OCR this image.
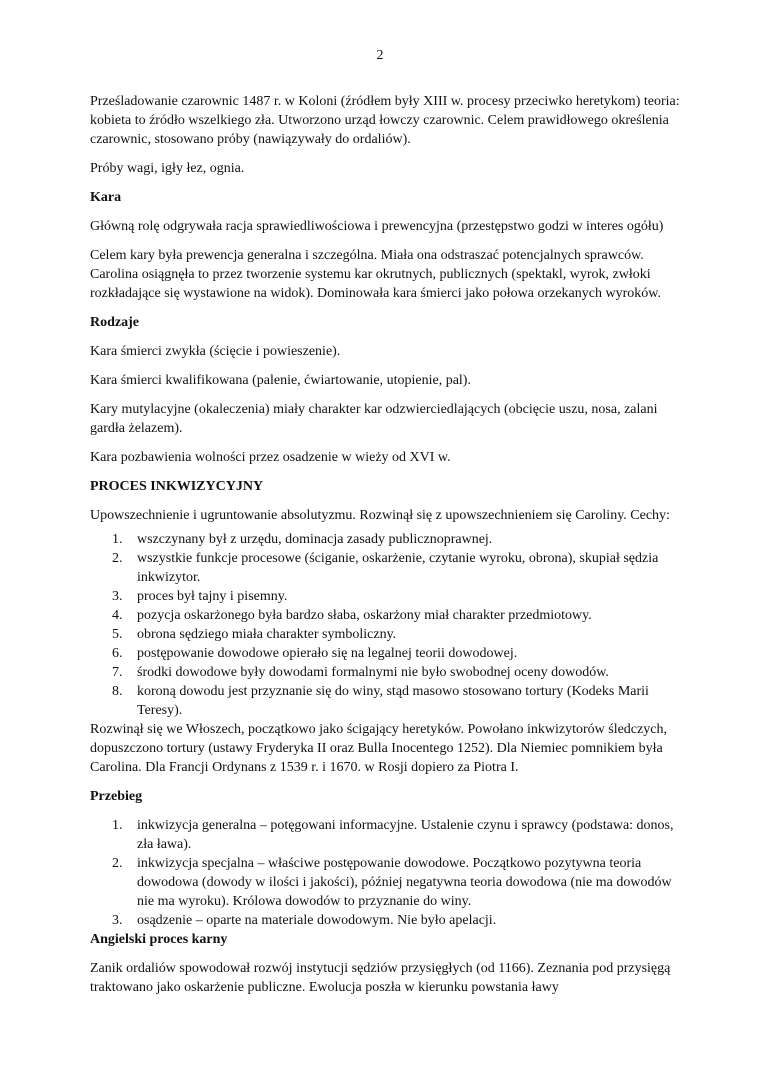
2

Prześladowanie czarownic 1487 r. w Koloni (źródłem były XIII w. procesy przeciwko heretykom) teoria: kobieta to źródło wszelkiego zła. Utworzono urząd łowczy czarownic. Celem prawidłowego określenia czarownic, stosowano próby (nawiązywały do ordaliów).

Próby wagi, igły łez, ognia.

Kara

Główną rolę odgrywała racja sprawiedliwościowa i prewencyjna (przestępstwo godzi w interes ogółu)

Celem kary była prewencja generalna i szczególna. Miała ona odstraszać potencjalnych sprawców. Carolina osiągnęła to przez tworzenie systemu kar okrutnych, publicznych (spektakl, wyrok, zwłoki rozkładające się wystawione na widok). Dominowała kara śmierci jako połowa orzekanych wyroków.

Rodzaje

Kara śmierci zwykła (ścięcie i powieszenie).

Kara śmierci kwalifikowana (palenie, ćwiartowanie, utopienie, pal).

Kary mutylacyjne (okaleczenia) miały charakter kar odzwierciedlających (obcięcie uszu, nosa, zalani gardła żelazem).

Kara pozbawienia wolności przez osadzenie w wieży od XVI w.

PROCES INKWIZYCYJNY

Upowszechnienie i ugruntowanie absolutyzmu. Rozwinął się z upowszechnieniem się Caroliny. Cechy:

1. wszczynany był z urzędu, dominacja zasady publicznoprawnej.
2. wszystkie funkcje procesowe (ściganie, oskarżenie, czytanie wyroku, obrona), skupiał sędzia inkwizytor.
3. proces był tajny i pisemny.
4. pozycja oskarżonego była bardzo słaba, oskarżony miał charakter przedmiotowy.
5. obrona sędziego miała charakter symboliczny.
6. postępowanie dowodowe opierało się na legalnej teorii dowodowej.
7. środki dowodowe były dowodami formalnymi nie było swobodnej oceny dowodów.
8. koroną dowodu jest przyznanie się do winy, stąd masowo stosowano tortury (Kodeks Marii Teresy).

Rozwinął się we Włoszech, początkowo jako ścigający heretyków. Powołano inkwizytorów śledczych, dopuszczono tortury (ustawy Fryderyka II oraz Bulla Inocentego 1252). Dla Niemiec pomnikiem była Carolina. Dla Francji Ordynans z 1539 r. i 1670. w Rosji dopiero za Piotra I.

Przebieg
1. inkwizycja generalna – potęgowani informacyjne. Ustalenie czynu i sprawcy (podstawa: donos, zła ława).
2. inkwizycja specjalna – właściwe postępowanie dowodowe. Początkowo pozytywna teoria dowodowa (dowody w ilości i jakości), później negatywna teoria dowodowa (nie ma dowodów nie ma wyroku). Królowa dowodów to przyznanie do winy.
3. osądzenie – oparte na materiale dowodowym. Nie było apelacji.
Angielski proces karny

Zanik ordaliów spowodował rozwój instytucji sędziów przysięgłych (od 1166). Zeznania pod przysięgą traktowano jako oskarżenie publiczne. Ewolucja poszła w kierunku powstania ławy
